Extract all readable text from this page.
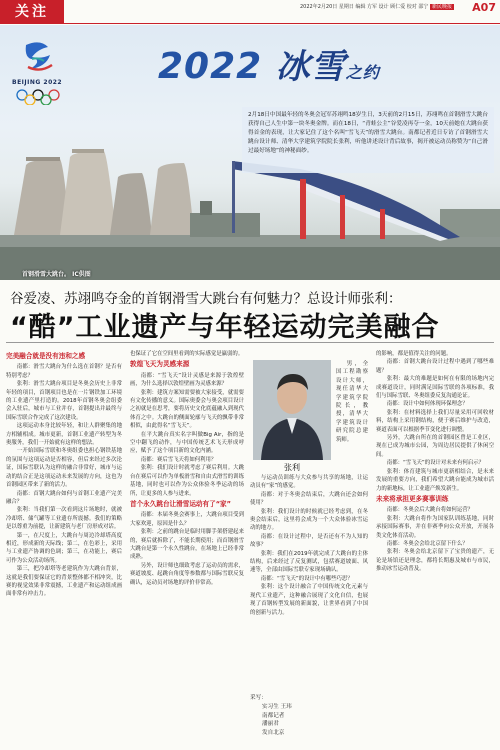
关注	2022年2月20日 星期日 编辑 方军 设计 顾仁爱 校对 邵宁 新民晚报 A07
BEIJING 2022	2022 冰雪之约
2月18日中国最年轻的冬奥会冠军苏翊鸣18岁生日，3天前的2月15日，苏翊鸣在首钢滑雪大跳台获得自己人生中第一块冬奥金牌。而在18日，“青蛙公主”谷爱凌再夺一金，10天前她在大跳台获得首金的表现，让大家记住了这个名叫“雪飞天”的滑雪大跳台。南都记者近日专访了首钢滑雪大跳台设计师、清华大学建筑学院院长张利，听他讲述设计背后故事，揭开被运动员称赞为“自己滑过最好场地”的神秘面纱。
首钢滑雪大跳台。 IC供图
谷爱凌、苏翊鸣夺金的首钢滑雪大跳台有何魅力？总设计师张利：
“酷”工业遗产与年轻运动完美融合
完美融合就是没有违和之感

南都：滑雪大跳台为什么选在首钢？是否有特别考虑？

张利：滑雪大跳台项目是冬奥会历史上非常年轻的项目，首钢项目也是在一片钢铁加工环境的工业遗产里打造的。2018年首钢冬奥会组委会入驻后，城市与工业并存，首钢提出并最终与国际雪联合作完成了这次建设。

这项运动本身比较年轻，和让人群聚集的地方相辅相成。城市更新，首钢工业遗产转型为冬奥服务，我们一开始就有这样的想法。

一开始国际雪联和冬奥组委也担心钢铁基地的氛围与这项运动是否相容，但后来经过多次论证，国际雪联认为这样的融合非常好，城市与运动的结合正是这项运动未来发展的方向，这也为首钢园区带来了新的活力。

南都：首钢大跳台如何与首钢工业遗产完美融合？

张利：当我们第一次看到这片场地时，就被冷却塔、储气罐等工业遗存所震撼。我们的策略是以尊重为前提，让新建筑与老厂房形成对话。

第一，在尺度上，大跳台与周边冷却塔高度相近，形成新的天际线；第二，在色彩上，采用与工业遗产协调的色调；第三，在功能上，赛后可作为公众活动场所。

第三，把冷却塔等老建筑作为大跳台背景，这就是我们要保证它的背景整体都不相冲突，比赛的视觉效果非常震撼，工业遗产和运动组成画面非常有冲击力。

也保证了它在空间里看到的实际感觉是赢弱的。

敦煌飞天为灵感来源

南都：“雪飞天”设计灵感是来源于敦煌壁画，为什么选择以敦煌壁画为灵感来源？

张利：建筑方案知需要被大家接受，就需要有文化传播的意义。国际奥委会与奥会项目设计之初就是在思考，要将历史文化底蕴融入到现代体育之中。大跳台的侧面轮廓与飞天的飘带非常相似，由此得名“雪飞天”。

在平大跳台真实名字叫做Big Air，指的是空中翻飞的动作，与中国传统艺术飞天形成呼应，赋予了这个项目新的文化内涵。

南都：赛后雪飞天将如何利用？

张利：我们设计时就考虑了赛后利用。大跳台在赛后可以作为单板滑雪和自由式滑雪的训练基地，同时也可以作为公众体验冬季运动的场所，让更多的人参与进来。

首个永久跳台让滑雪运动有了“家”

南都：本届冬奥会赛事上，大跳台项目受到大家欢迎，原因是什么？

张利：之前的跳台是临时用脚手架搭建起来的，赛后就拆除了，不能长期使用；而首钢滑雪大跳台是第一个永久性跳台，在场地上已经非常成熟。

另外，设计师也细致考虑了运动员的需求，赛道坡度、起跳台角度等参数都与国际雪联反复确认，运动员对场地的评价非常高。

张利
男，全国工程勘察设计大师，现任清华大学建筑学院院长，教授，清华大学建筑设计研究院总建筑师。

与运动员训练与大众参与共享的场地，让运动员有“家”的感觉。

南都：对于冬奥会结束后，大跳台还会如何使用？

张利：我们设计的时候就已经考虑到，在冬奥会结束后，这里将会成为一个大众体验冰雪运动的地方。

南都：在设计过程中，是否还有不为人知的故事？

张利：我们在2019年就完成了大跳台的主体结构，后来经过了反复测试，包括赛道坡面、风速等，全部由国际雪联专家现场确认。

南都：“雪飞天”的设计中有哪些巧思？

张利：这个设计融合了中国传统文化元素与现代工业遗产，这种融合展现了文化自信，也展现了首钢转型发展的新面貌，让世界看到了中国的创新与活力。

的影响，都是值得关注的问题。

南都：首钢大跳台设计过程中遇到了哪些难题？

张利：最大的难题是如何在有限的场地内完成赛道设计，同时满足国际雪联的各项标准，我们与国际雪联、冬奥组委反复沟通论证。

南都：设计中如何体现环保理念？

张利：在材料选择上我们尽量采用可回收材料，结构上采用钢结构，便于赛后维护与改造，赛道表面可以根据季节变化进行调整。

另外，大跳台所在的首钢园区曾是工业区，现在已成为城市公园，为周边居民提供了休闲空间。

南都：“雪飞天”的设计对未来有何启示？

张利：体育建筑与城市更新相结合，是未来发展的重要方向，我们希望大跳台能成为城市活力的新地标，让工业遗产焕发新生。

未来将承担更多赛事训练

南都：冬奥会后大跳台将如何运营？

张利：大跳台将作为国家队训练基地，同时承接国际赛事，并在非赛季向公众开放，开展各类文化体育活动。

南都：冬奥会会给北京留下什么？

张利：冬奥会给北京留下了宝贵的遗产，无论是场馆还是理念，都将长期惠及城市与市民，推动冰雪运动普及。

采写：
实习生 王玮
南都记者
潘丽君
发自北京
